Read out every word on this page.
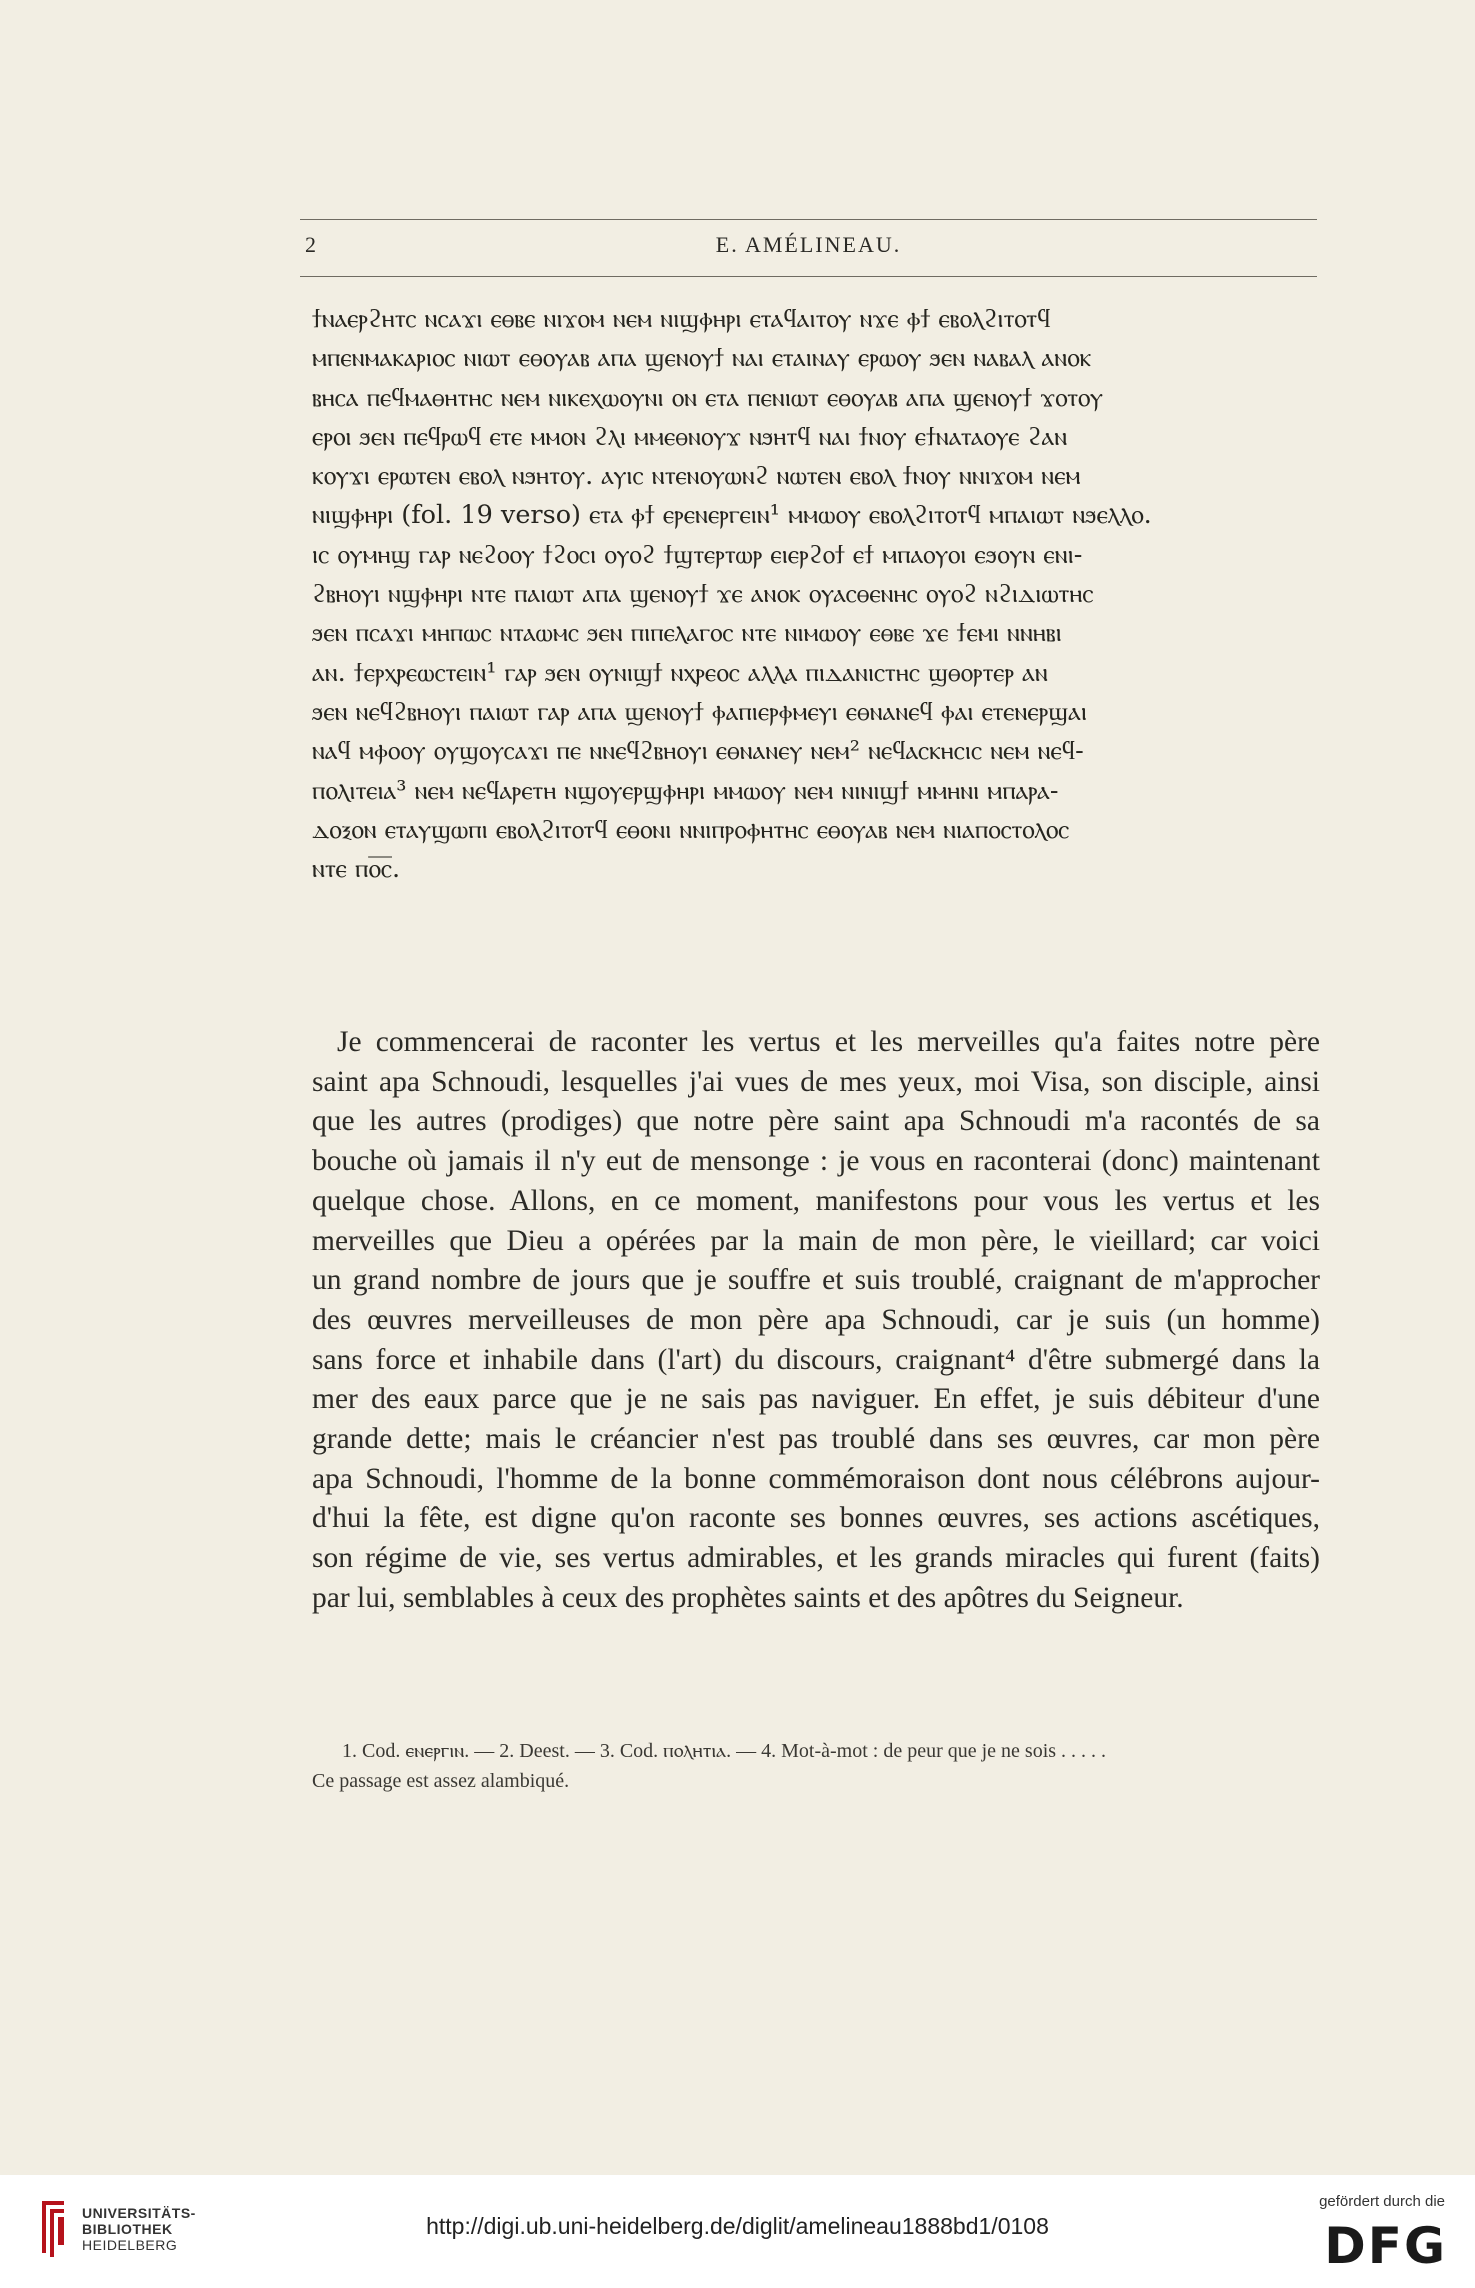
2	E. AMÉLINEAU.
ϯⲛⲁⲉⲣϩⲏⲧⲥ ⲛⲥⲁϫⲓ ⲉⲑⲃⲉ ⲛⲓϫⲟⲙ ⲛⲉⲙ ⲛⲓϣⲫⲏⲣⲓ ⲉⲧⲁϥⲁⲓⲧⲟⲩ ⲛϫⲉ ⲫϯ ⲉⲃⲟⲗϩⲓⲧⲟⲧϥ
ⲙⲡⲉⲛⲙⲁⲕⲁⲣⲓⲟⲥ ⲛⲓⲱⲧ ⲉⲑⲟⲩⲁⲃ ⲁⲡⲁ ϣⲉⲛⲟⲩϯ ⲛⲁⲓ ⲉⲧⲁⲓⲛⲁⲩ ⲉⲣⲱⲟⲩ ϧⲉⲛ ⲛⲁⲃⲁⲗ ⲁⲛⲟⲕ
ⲃⲏⲥⲁ ⲡⲉϥⲙⲁⲑⲏⲧⲏⲥ ⲛⲉⲙ ⲛⲓⲕⲉⲭⲱⲟⲩⲛⲓ ⲟⲛ ⲉⲧⲁ ⲡⲉⲛⲓⲱⲧ ⲉⲑⲟⲩⲁⲃ ⲁⲡⲁ ϣⲉⲛⲟⲩϯ ϫⲟⲧⲟⲩ
ⲉⲣⲟⲓ ϧⲉⲛ ⲡⲉϥⲣⲱϥ ⲉⲧⲉ ⲙⲙⲟⲛ ϩⲗⲓ ⲙⲙⲉⲑⲛⲟⲩϫ ⲛϧⲏⲧϥ ⲛⲁⲓ ϯⲛⲟⲩ ⲉϯⲛⲁⲧⲁⲟⲩⲉ ϩⲁⲛ
ⲕⲟⲩϫⲓ ⲉⲣⲱⲧⲉⲛ ⲉⲃⲟⲗ ⲛϧⲏⲧⲟⲩ. ⲁⲩⲓⲥ ⲛⲧⲉⲛⲟⲩⲱⲛϩ ⲛⲱⲧⲉⲛ ⲉⲃⲟⲗ ϯⲛⲟⲩ ⲛⲛⲓϫⲟⲙ ⲛⲉⲙ
ⲛⲓϣⲫⲏⲣⲓ (fol. 19 verso) ⲉⲧⲁ ⲫϯ ⲉⲣⲉⲛⲉⲣⲅⲉⲓⲛ¹ ⲙⲙⲱⲟⲩ ⲉⲃⲟⲗϩⲓⲧⲟⲧϥ ⲙⲡⲁⲓⲱⲧ ⲛϧⲉⲗⲗⲟ.
ⲓⲥ ⲟⲩⲙⲏϣ ⲅⲁⲣ ⲛⲉϩⲟⲟⲩ ϯϩⲟⲥⲓ ⲟⲩⲟϩ ϯϣⲧⲉⲣⲧⲱⲣ ⲉⲓⲉⲣϩⲟϯ ⲉϯ ⲙⲡⲁⲟⲩⲟⲓ ⲉϧⲟⲩⲛ ⲉⲛⲓ-
ϩⲃⲏⲟⲩⲓ ⲛϣⲫⲏⲣⲓ ⲛⲧⲉ ⲡⲁⲓⲱⲧ ⲁⲡⲁ ϣⲉⲛⲟⲩϯ ϫⲉ ⲁⲛⲟⲕ ⲟⲩⲁⲥⲑⲉⲛⲏⲥ ⲟⲩⲟϩ ⲛϩⲓⲇⲓⲱⲧⲏⲥ
ϧⲉⲛ ⲡⲥⲁϫⲓ ⲙⲏⲡⲱⲥ ⲛⲧⲁⲱⲙⲥ ϧⲉⲛ ⲡⲓⲡⲉⲗⲁⲅⲟⲥ ⲛⲧⲉ ⲛⲓⲙⲱⲟⲩ ⲉⲑⲃⲉ ϫⲉ ϯⲉⲙⲓ ⲛⲛⲏⲃⲓ
ⲁⲛ. ϯⲉⲣⲭⲣⲉⲱⲥⲧⲉⲓⲛ¹ ⲅⲁⲣ ϧⲉⲛ ⲟⲩⲛⲓϣϯ ⲛⲭⲣⲉⲟⲥ ⲁⲗⲗⲁ ⲡⲓⲇⲁⲛⲓⲥⲧⲏⲥ ϣⲑⲟⲣⲧⲉⲣ ⲁⲛ
ϧⲉⲛ ⲛⲉϥϩⲃⲏⲟⲩⲓ ⲡⲁⲓⲱⲧ ⲅⲁⲣ ⲁⲡⲁ ϣⲉⲛⲟⲩϯ ⲫⲁⲡⲓⲉⲣⲫⲙⲉⲩⲓ ⲉⲑⲛⲁⲛⲉϥ ⲫⲁⲓ ⲉⲧⲉⲛⲉⲣϣⲁⲓ
ⲛⲁϥ ⲙⲫⲟⲟⲩ ⲟⲩϣⲟⲩⲥⲁϫⲓ ⲡⲉ ⲛⲛⲉϥϩⲃⲏⲟⲩⲓ ⲉⲑⲛⲁⲛⲉⲩ ⲛⲉⲙ² ⲛⲉϥⲁⲥⲕⲏⲥⲓⲥ ⲛⲉⲙ ⲛⲉϥ-
ⲡⲟⲗⲓⲧⲉⲓⲁ³ ⲛⲉⲙ ⲛⲉϥⲁⲣⲉⲧⲏ ⲛϣⲟⲩⲉⲣϣⲫⲏⲣⲓ ⲙⲙⲱⲟⲩ ⲛⲉⲙ ⲛⲓⲛⲓϣϯ ⲙⲙⲏⲛⲓ ⲙⲡⲁⲣⲁ-
ⲇⲟⲝⲟⲛ ⲉⲧⲁⲩϣⲱⲡⲓ ⲉⲃⲟⲗϩⲓⲧⲟⲧϥ ⲉⲑⲟⲛⲓ ⲛⲛⲓⲡⲣⲟⲫⲏⲧⲏⲥ ⲉⲑⲟⲩⲁⲃ ⲛⲉⲙ ⲛⲓⲁⲡⲟⲥⲧⲟⲗⲟⲥ
ⲛⲧⲉ ⲡⲟ̅ⲥ̅.
Je commencerai de raconter les vertus et les merveilles qu'a faites notre père
saint apa Schnoudi, lesquelles j'ai vues de mes yeux, moi Visa, son disciple, ainsi
que les autres (prodiges) que notre père saint apa Schnoudi m'a racontés de sa
bouche où jamais il n'y eut de mensonge : je vous en raconterai (donc) maintenant
quelque chose. Allons, en ce moment, manifestons pour vous les vertus et les
merveilles que Dieu a opérées par la main de mon père, le vieillard; car voici
un grand nombre de jours que je souffre et suis troublé, craignant de m'approcher
des œuvres merveilleuses de mon père apa Schnoudi, car je suis (un homme)
sans force et inhabile dans (l'art) du discours, craignant⁴ d'être submergé dans la
mer des eaux parce que je ne sais pas naviguer. En effet, je suis débiteur d'une
grande dette; mais le créancier n'est pas troublé dans ses œuvres, car mon père
apa Schnoudi, l'homme de la bonne commémoraison dont nous célébrons aujour-
d'hui la fête, est digne qu'on raconte ses bonnes œuvres, ses actions ascétiques,
son régime de vie, ses vertus admirables, et les grands miracles qui furent (faits)
par lui, semblables à ceux des prophètes saints et des apôtres du Seigneur.
1. Cod. ⲉⲛⲉⲣⲅⲓⲛ. — 2. Deest. — 3. Cod. ⲡⲟⲗⲏⲧⲓⲁ. — 4. Mot-à-mot : de peur que je ne sois . . . . .
Ce passage est assez alambiqué.
UNIVERSITÄTS-
BIBLIOTHEK
HEIDELBERG
http://digi.ub.uni-heidelberg.de/diglit/amelineau1888bd1/0108
gefördert durch die
DFG
